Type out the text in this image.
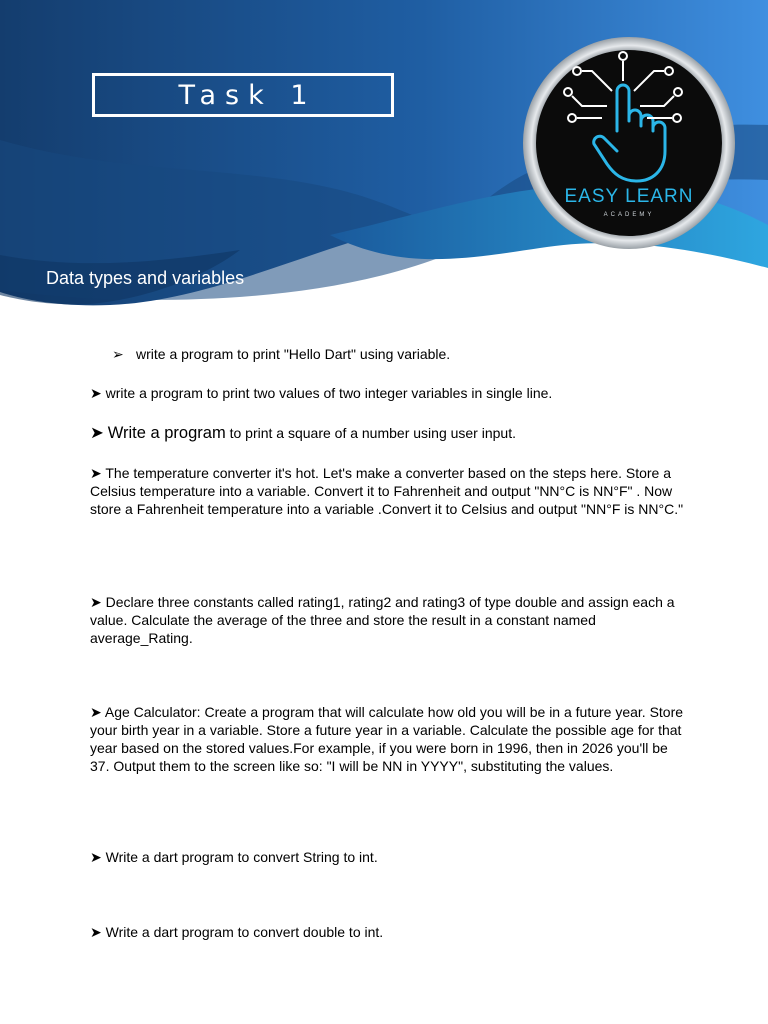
Task 1
Data types and variables
EASY LEARN
ACADEMY
➢ write a program to print "Hello Dart" using variable.
➤ write a program to print two values of two integer variables in single line.
➤ Write a program to print a square of a number using user input.
➤ The temperature converter it's hot. Let's make a converter based on the steps here. Store a Celsius temperature into a variable. Convert it to Fahrenheit and output "NN°C is NN°F" . Now store a Fahrenheit temperature into a variable .Convert it to Celsius and output "NN°F is NN°C."
➤ Declare three constants called rating1, rating2 and rating3 of type double and assign each a value. Calculate the average of the three and store the result in a constant named average_Rating.
➤ Age Calculator: Create a program that will calculate how old you will be in a future year. Store your birth year in a variable. Store a future year in a variable. Calculate the possible age for that year based on the stored values.For example, if you were born in 1996, then in 2026 you'll be 37. Output them to the screen like so: "I will be NN in YYYY", substituting the values.
➤ Write a dart program to convert String to int.
➤ Write a dart program to convert double to int.
